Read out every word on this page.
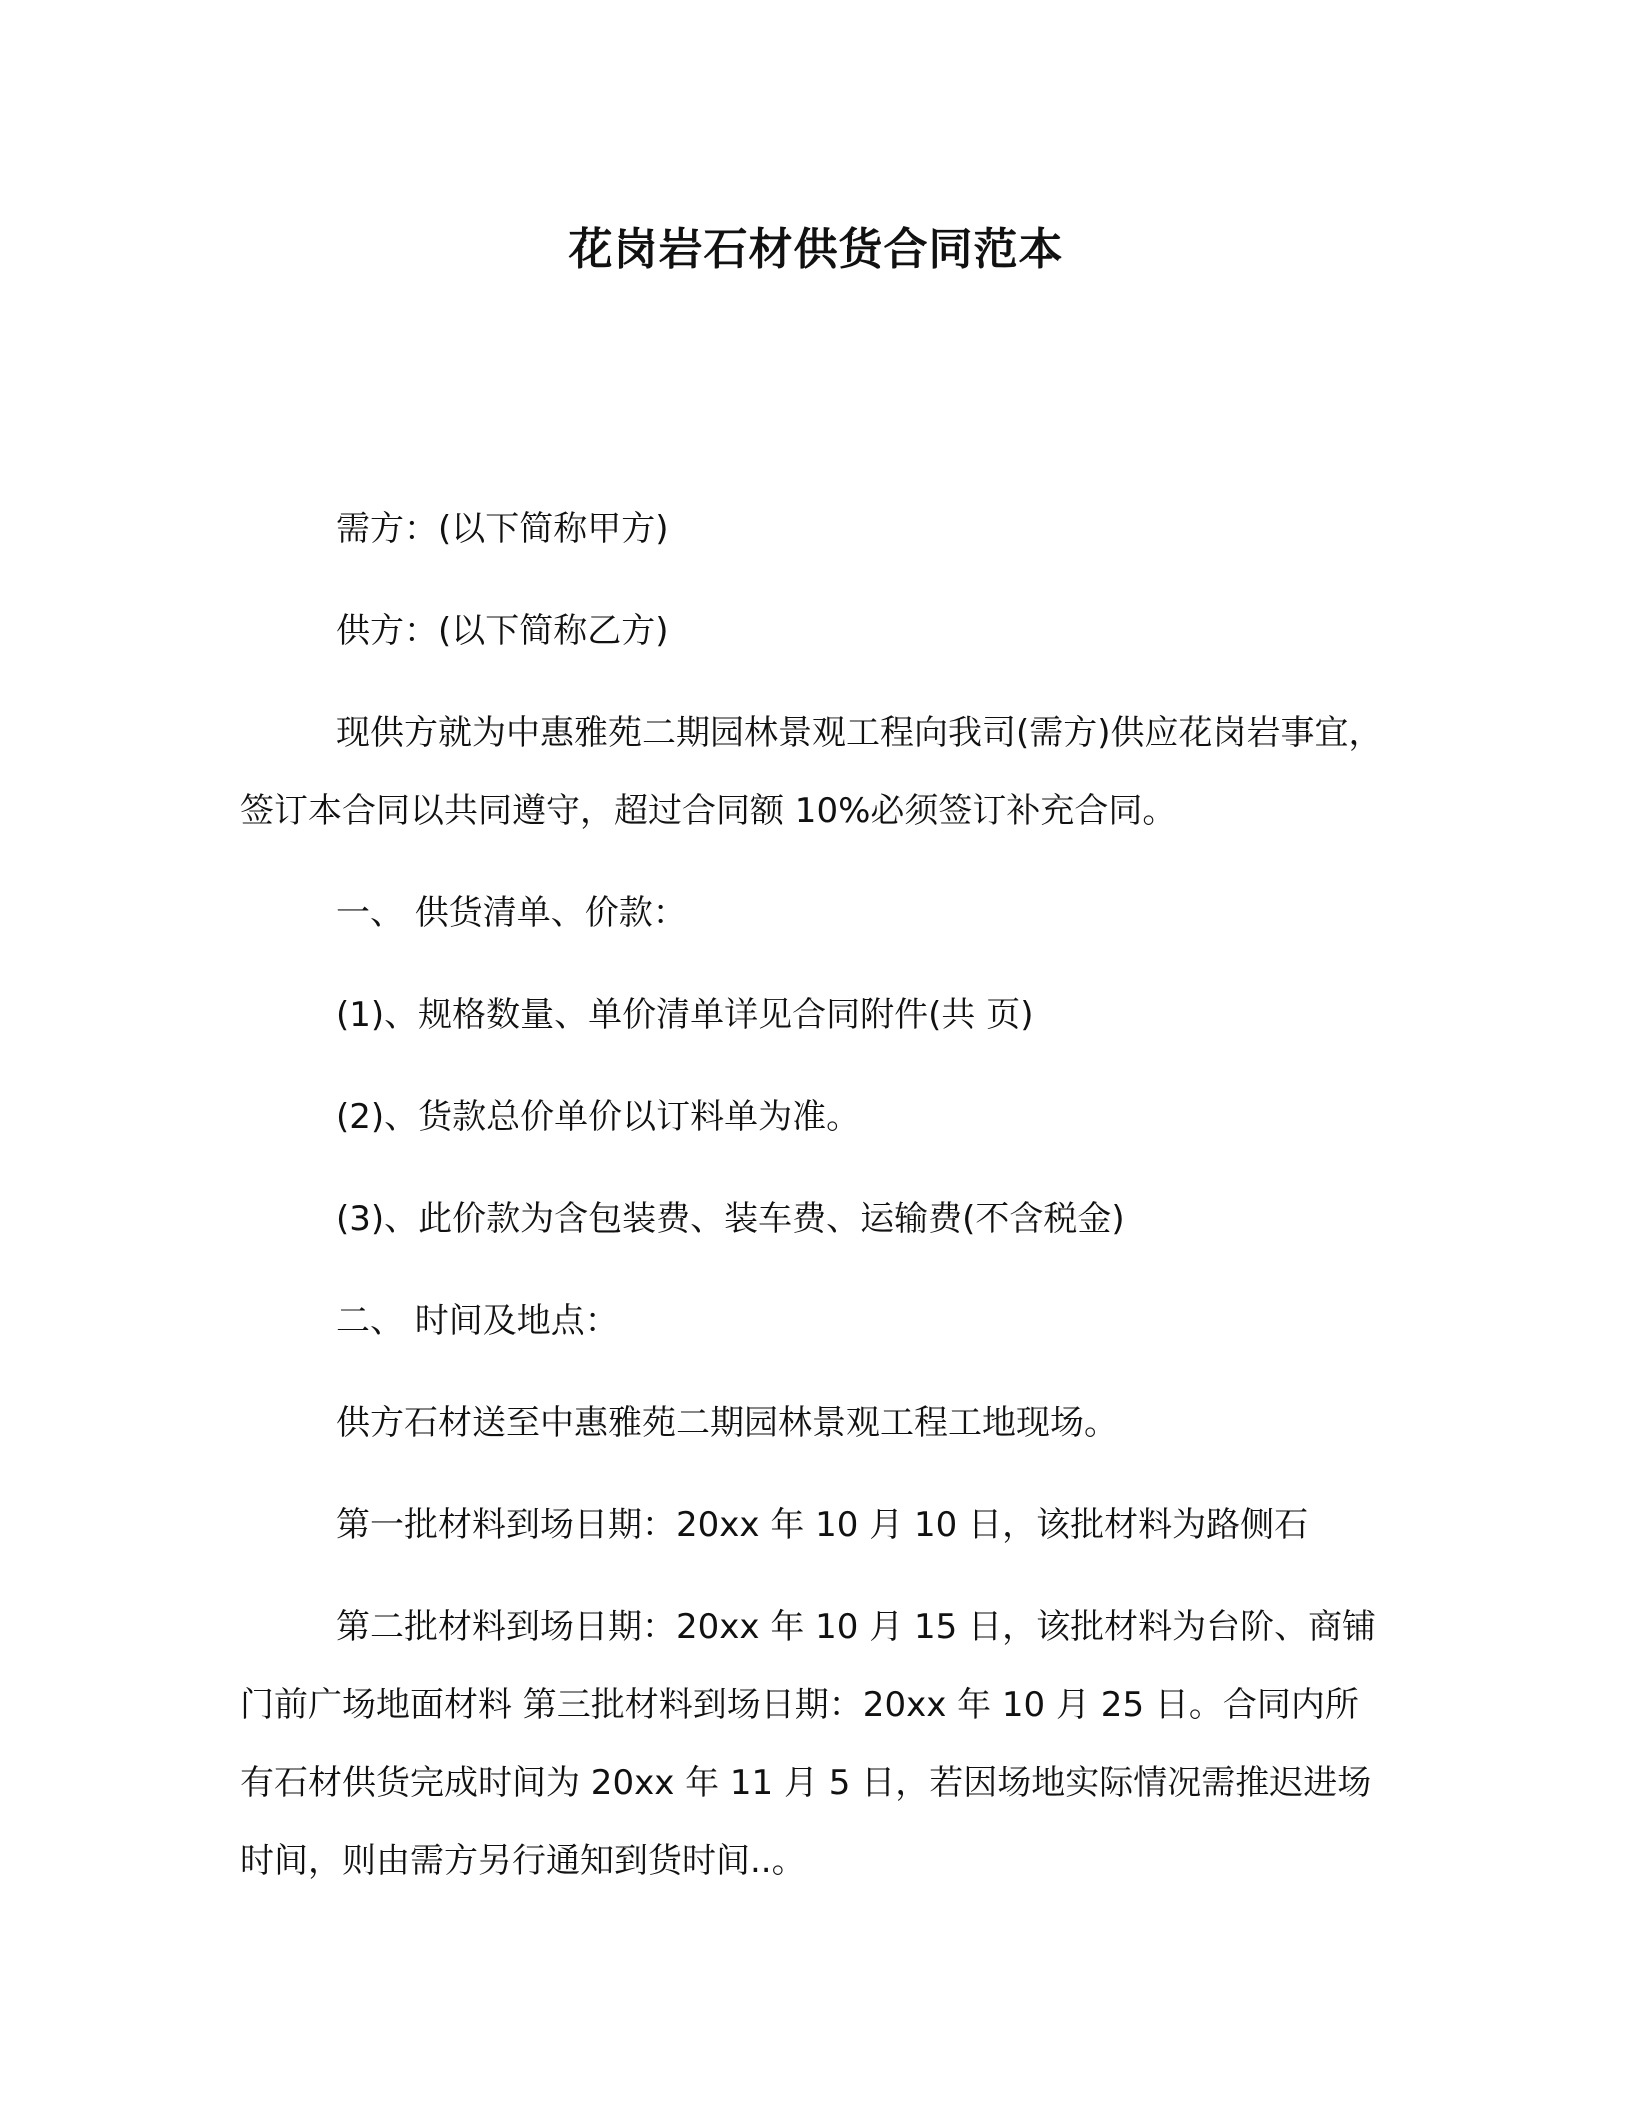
花岗岩石材供货合同范本

需方：(以下简称甲方)

供方：(以下简称乙方)

现供方就为中惠雅苑二期园林景观工程向我司(需方)供应花岗岩事宜，签订本合同以共同遵守，超过合同额 10%必须签订补充合同。

一、 供货清单、价款：

(1)、规格数量、单价清单详见合同附件(共 页)

(2)、货款总价单价以订料单为准。

(3)、此价款为含包装费、装车费、运输费(不含税金)

二、 时间及地点：

供方石材送至中惠雅苑二期园林景观工程工地现场。

第一批材料到场日期：20xx 年 10 月 10 日，该批材料为路侧石

第二批材料到场日期：20xx 年 10 月 15 日，该批材料为台阶、商铺门前广场地面材料 第三批材料到场日期：20xx 年 10 月 25 日。合同内所有石材供货完成时间为 20xx 年 11 月 5 日，若因场地实际情况需推迟进场时间，则由需方另行通知到货时间..。
